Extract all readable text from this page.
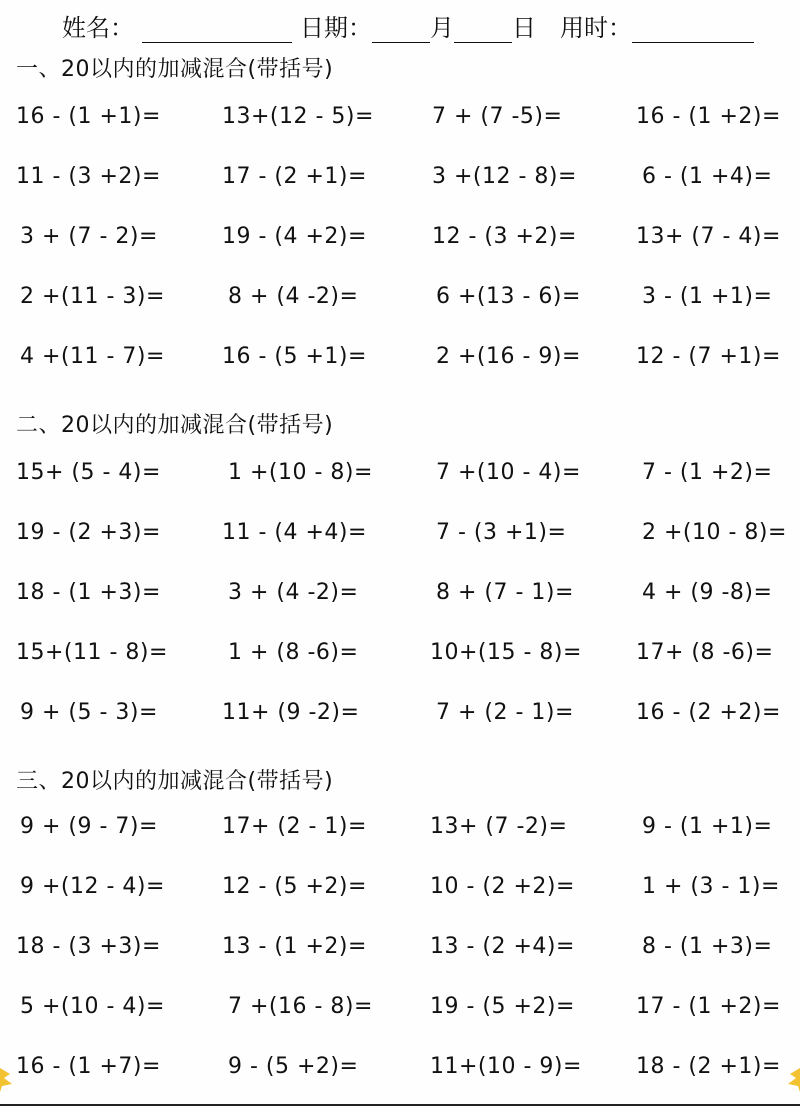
姓名：	日期： 月 日 用时：
一、20以内的加减混合(带括号)
16 - (1 +1)=	13+(12 - 5)=	7 + (7 -5)=	16 - (1 +2)=
11 - (3 +2)=	17 - (2 +1)=	3 +(12 - 8)=	6 - (1 +4)=
3 + (7 - 2)=	19 - (4 +2)=	12 - (3 +2)=	13+ (7 - 4)=
2 +(11 - 3)=	8 + (4 -2)=	6 +(13 - 6)=	3 - (1 +1)=
4 +(11 - 7)=	16 - (5 +1)=	2 +(16 - 9)=	12 - (7 +1)=
二、20以内的加减混合(带括号)
15+ (5 - 4)=	1 +(10 - 8)=	7 +(10 - 4)=	7 - (1 +2)=
19 - (2 +3)=	11 - (4 +4)=	7 - (3 +1)=	2 +(10 - 8)=
18 - (1 +3)=	3 + (4 -2)=	8 + (7 - 1)=	4 + (9 -8)=
15+(11 - 8)=	1 + (8 -6)=	10+(15 - 8)= 17+ (8 -6)=
9 + (5 - 3)=	11+ (9 -2)=	7 + (2 - 1)=	16 - (2 +2)=
三、20以内的加减混合(带括号)
9 + (9 - 7)=	17+ (2 - 1)=	13+ (7 -2)=	9 - (1 +1)=
9 +(12 - 4)=	12 - (5 +2)=	10 - (2 +2)=	1 + (3 - 1)=
18 - (3 +3)=	13 - (1 +2)=	13 - (2 +4)=	8 - (1 +3)=
5 +(10 - 4)=	7 +(16 - 8)=	19 - (5 +2)=	17 - (1 +2)=
16 - (1 +7)=	9 - (5 +2)=	11+(10 - 9)= 18 - (2 +1)=
